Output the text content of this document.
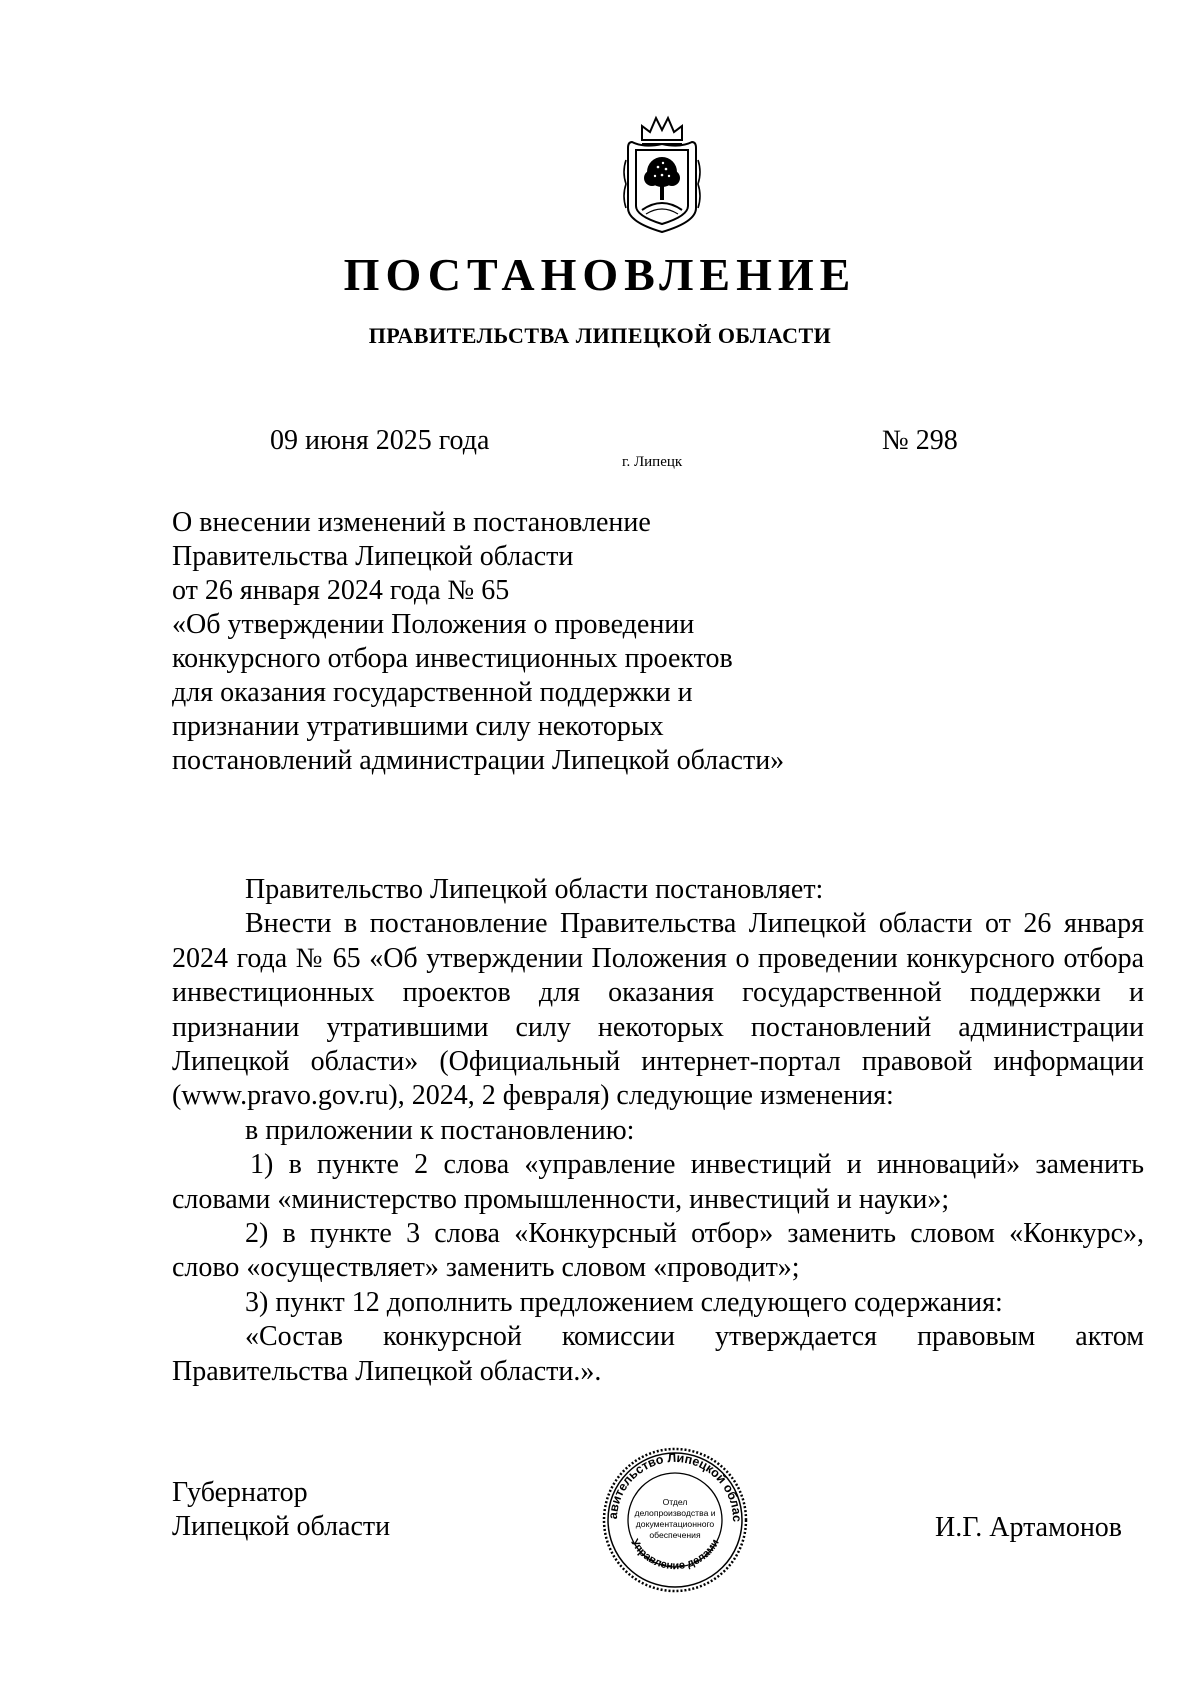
ПОСТАНОВЛЕНИЕ
ПРАВИТЕЛЬСТВА ЛИПЕЦКОЙ ОБЛАСТИ
09 июня 2025 года
г. Липецк
№ 298
О внесении изменений в постановление
Правительства Липецкой области
от 26 января 2024 года № 65
«Об утверждении Положения о проведении
конкурсного отбора инвестиционных проектов
для оказания государственной поддержки и
признании утратившими силу некоторых
постановлений администрации Липецкой области»

Правительство Липецкой области постановляет:

Внести в постановление Правительства Липецкой области от 26 января 2024 года № 65 «Об утверждении Положения о проведении конкурсного отбора инвестиционных проектов для оказания государственной поддержки и признании утратившими силу некоторых постановлений администрации Липецкой области» (Официальный интернет-портал правовой информации (www.pravo.gov.ru), 2024, 2 февраля) следующие изменения:

в приложении к постановлению:

1) в пункте 2 слова «управление инвестиций и инноваций» заменить словами «министерство промышленности, инвестиций и науки»;

2) в пункте 3 слова «Конкурсный отбор» заменить словом «Конкурс», слово «осуществляет» заменить словом «проводит»;

3) пункт 12 дополнить предложением следующего содержания:

«Состав конкурсной комиссии утверждается правовым актом Правительства Липецкой области.».

Губернатор
Липецкой области	авительство Липецкой облас
Управление делами
Отдел
делопроизводства и
документационного
обеспечения	И.Г. Артамонов
